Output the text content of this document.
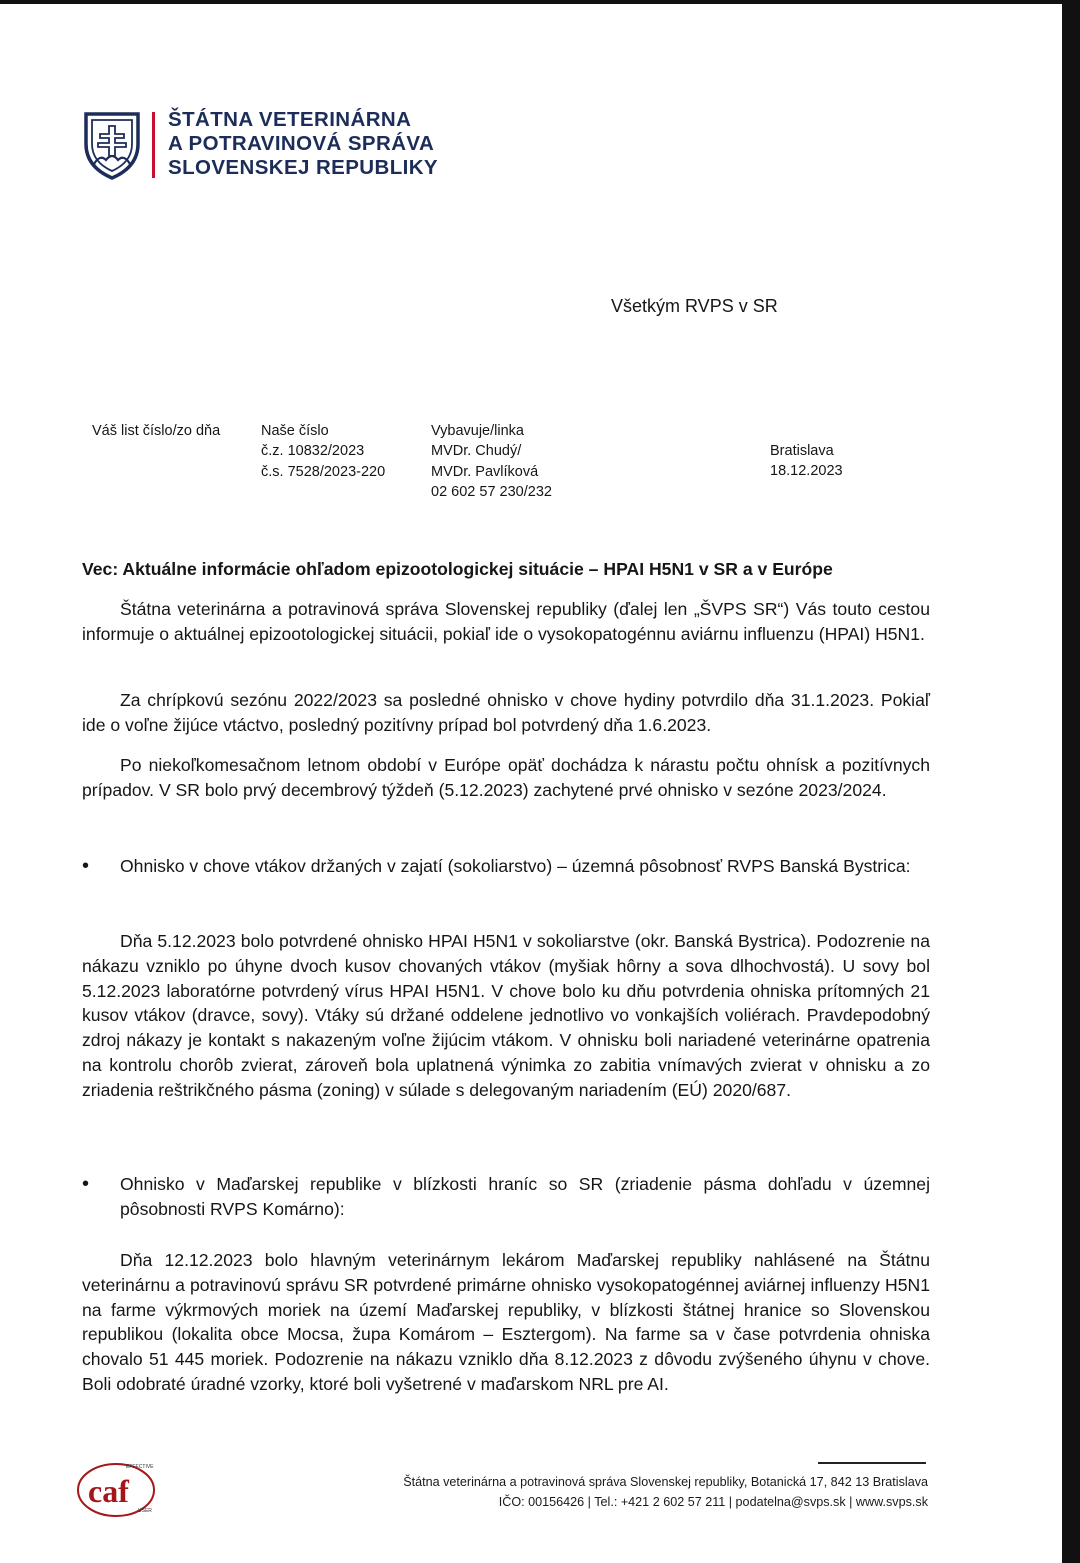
ŠTÁTNA VETERINÁRNA
A POTRAVINOVÁ SPRÁVA
SLOVENSKEJ REPUBLIKY
Všetkým RVPS v SR
Váš list číslo/zo dňa	Naše číslo
č.z. 10832/2023
č.s. 7528/2023-220
Vybavuje/linka
MVDr. Chudý/
MVDr. Pavlíková
02 602 57 230/232
Bratislava
18.12.2023
Vec: Aktuálne informácie ohľadom epizootologickej situácie – HPAI H5N1 v SR a v Európe

Štátna veterinárna a potravinová správa Slovenskej republiky (ďalej len „ŠVPS SR“) Vás touto cestou informuje o aktuálnej epizootologickej situácii, pokiaľ ide o vysokopatogénnu aviárnu influenzu (HPAI) H5N1.

Za chrípkovú sezónu 2022/2023 sa posledné ohnisko v chove hydiny potvrdilo dňa 31.1.2023. Pokiaľ ide o voľne žijúce vtáctvo, posledný pozitívny prípad bol potvrdený dňa 1.6.2023.

Po niekoľkomesačnom letnom období v Európe opäť dochádza k nárastu počtu ohnísk a pozitívnych prípadov. V SR bolo prvý decembrový týždeň (5.12.2023) zachytené prvé ohnisko v sezóne 2023/2024.

• Ohnisko v chove vtákov držaných v zajatí (sokoliarstvo) – územná pôsobnosť RVPS Banská Bystrica:

Dňa 5.12.2023 bolo potvrdené ohnisko HPAI H5N1 v sokoliarstve (okr. Banská Bystrica). Podozrenie na nákazu vzniklo po úhyne dvoch kusov chovaných vtákov (myšiak hôrny a sova dlhochvostá). U sovy bol 5.12.2023 laboratórne potvrdený vírus HPAI H5N1. V chove bolo ku dňu potvrdenia ohniska prítomných 21 kusov vtákov (dravce, sovy). Vtáky sú držané oddelene jednotlivo vo vonkajších voliérach. Pravdepodobný zdroj nákazy je kontakt s nakazeným voľne žijúcim vtákom. V ohnisku boli nariadené veterinárne opatrenia na kontrolu chorôb zvierat, zároveň bola uplatnená výnimka zo zabitia vnímavých zvierat v ohnisku a zo zriadenia reštrikčného pásma (zoning) v súlade s delegovaným nariadením (EÚ) 2020/687.

• Ohnisko v Maďarskej republike v blízkosti hraníc so SR (zriadenie pásma dohľadu v územnej pôsobnosti RVPS Komárno):

Dňa 12.12.2023 bolo hlavným veterinárnym lekárom Maďarskej republiky nahlásené na Štátnu veterinárnu a potravinovú správu SR potvrdené primárne ohnisko vysokopatogénnej aviárnej influenzy H5N1 na farme výkrmových moriek na území Maďarskej republiky, v blízkosti štátnej hranice so Slovenskou republikou (lokalita obce Mocsa, župa Komárom – Esztergom). Na farme sa v čase potvrdenia ohniska chovalo 51 445 moriek. Podozrenie na nákazu vzniklo dňa 8.12.2023 z dôvodu zvýšeného úhynu v chove. Boli odobraté úradné vzorky, ktoré boli vyšetrené v maďarskom NRL pre AI.

EFFECTIVE
caf
USER
Štátna veterinárna a potravinová správa Slovenskej republiky, Botanická 17, 842 13 Bratislava
IČO: 00156426 | Tel.: +421 2 602 57 211 | podatelna@svps.sk | www.svps.sk
